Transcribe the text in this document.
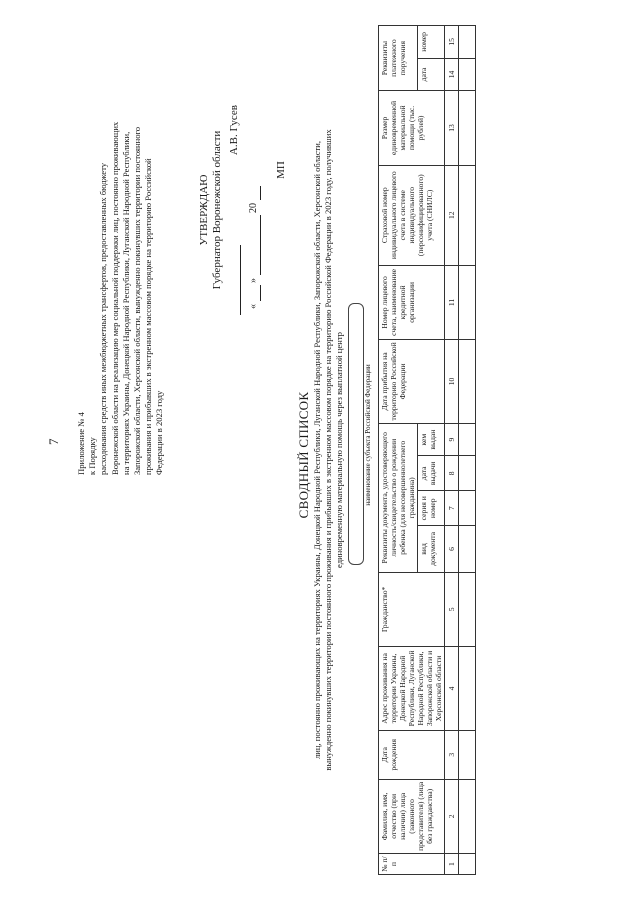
7 Приложение № 4 к Порядку расходования средств иных межбюджетных трансфертов, предоставленных бюджету Воронежской области на реализацию мер социальной поддержки лиц, постоянно проживающих на территориях Украины, Донецкой Народной Республики, Луганской Народной Республики, Запорожской области, Херсонской области, вынужденно покинувших территории постоянного проживания и прибывших в экстренном массовом порядке на территорию Российской Федерации в 2023 году
УТВЕРЖДАЮ Губернатор Воронежской области
А.В. Гусев
«   »   20
МП
СВОДНЫЙ СПИСОК лиц, постоянно проживающих на территориях Украины, Донецкой Народной Республики, Луганской Народной Республики, Запорожской области, Херсонской области, вынужденно покинувших территории постоянного проживания и прибывших в экстренном массовом порядке на территорию Российской Федерации в 2023 году, получивших единовременную материальную помощь через выплатной центр	наименование субъекта Российской Федерации
№ п/п	Фамилия, имя, отчество (при наличии) лица (законного представителя) (лица без гражданства)	Дата рождения	Адрес проживания на территории Украины, Донецкой Народной Республики, Луганской Народной Республики, Запорожской области и Херсонской области	Гражданство*	Реквизиты документа, удостоверяющего личность/свидетельство о рождении ребенка (для несовершеннолетнего гражданина)				Дата прибытия на территорию Российской Федерации	Номер лицевого счета, наименование кредитной организации	Страховой номер индивидуального лицевого счета в системе индивидуального (персонифицированного) учета (СНИЛС)	Размер единовременной материальной помощи (тыс. рублей)	Реквизиты платежного поручения	
					вид документа	серия и номер	дата выдачи	кем выдан					дата	номер
1	2	3	4	5	6	7	8	9	10	11	12	13	14	15
